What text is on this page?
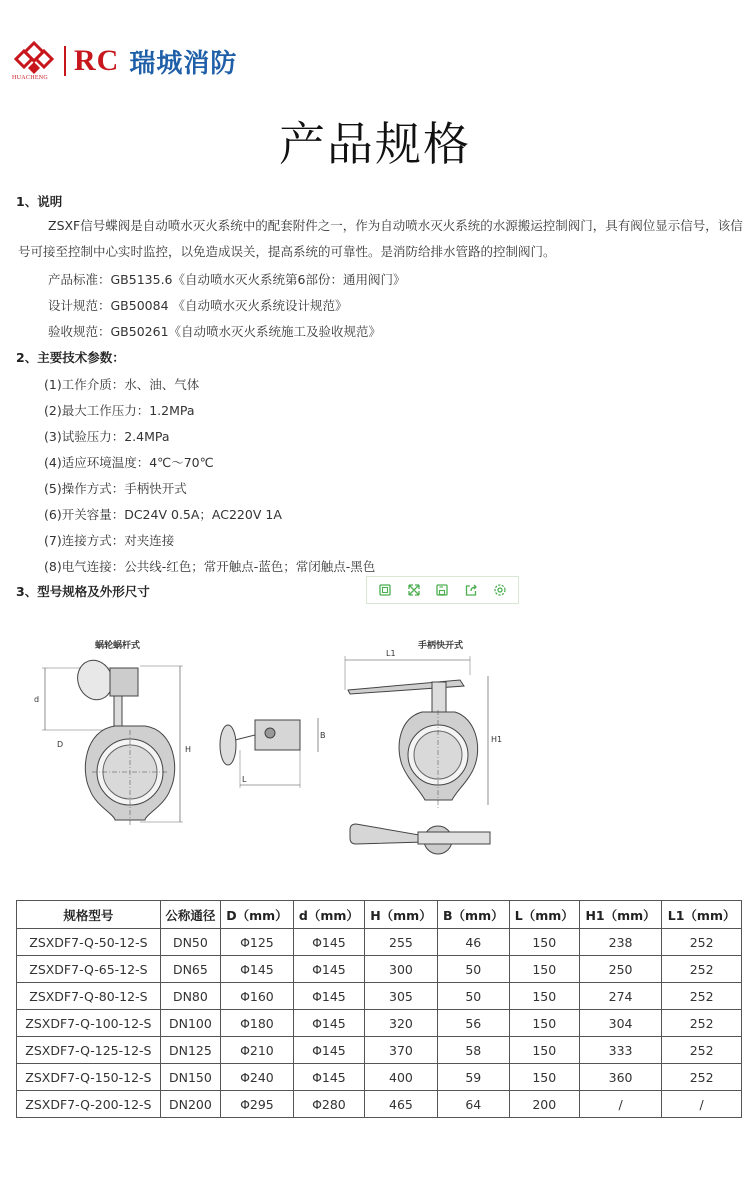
HUACHENG
RC 瑞城消防
产品规格
1、说明

ZSXF信号蝶阀是自动喷水灭火系统中的配套附件之一，作为自动喷水灭火系统的水源搬运控制阀门，具有阀位显示信号，该信号可接至控制中心实时监控，以免造成误关，提高系统的可靠性。是消防给排水管路的控制阀门。

产品标准：GB5135.6《自动喷水灭火系统第6部份：通用阀门》
设计规范：GB50084 《自动喷水灭火系统设计规范》
验收规范：GB50261《自动喷水灭火系统施工及验收规范》
2、主要技术参数：
(1)工作介质：水、油、气体
(2)最大工作压力：1.2MPa
(3)试验压力：2.4MPa
(4)适应环境温度：4℃～70℃
(5)操作方式：手柄快开式
(6)开关容量：DC24V 0.5A；AC220V 1A
(7)连接方式：对夹连接
(8)电气连接：公共线-红色；常开触点-蓝色；常闭触点-黑色
3、型号规格及外形尺寸
蜗轮蜗杆式	手柄快开式
d
D
H
L
B
L1
H1
规格型号	公称通径	D（mm）	d（mm）	H（mm）	B（mm）	L（mm）	H1（mm）	L1（mm）
ZSXDF7-Q-50-12-S	DN50	Φ125	Φ145	255	46	150	238	252
ZSXDF7-Q-65-12-S	DN65	Φ145	Φ145	300	50	150	250	252
ZSXDF7-Q-80-12-S	DN80	Φ160	Φ145	305	50	150	274	252
ZSXDF7-Q-100-12-S	DN100	Φ180	Φ145	320	56	150	304	252
ZSXDF7-Q-125-12-S	DN125	Φ210	Φ145	370	58	150	333	252
ZSXDF7-Q-150-12-S	DN150	Φ240	Φ145	400	59	150	360	252
ZSXDF7-Q-200-12-S	DN200	Φ295	Φ280	465	64	200	/	/
